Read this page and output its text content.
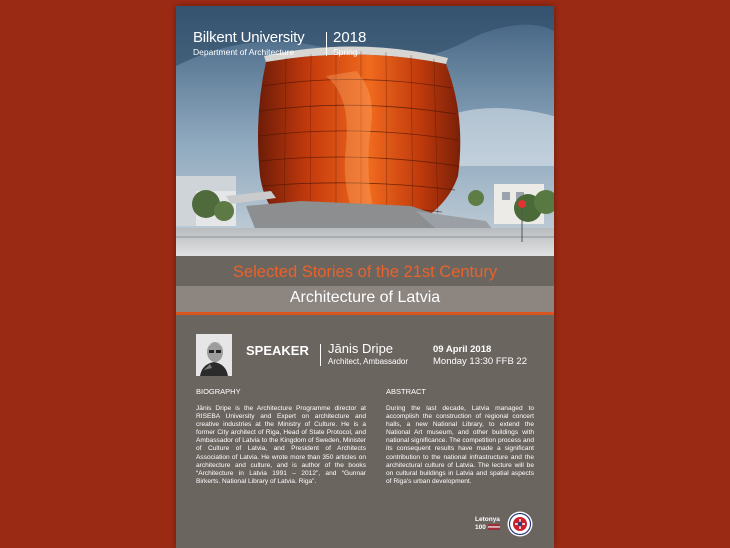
Bilkent University
Department of Architecture
2018
Spring
Selected Stories of the 21st Century
Architecture of Latvia
SPEAKER Jānis Dripe
Architect, Ambassador
09 April 2018
Monday 13:30 FFB 22
BIOGRAPHY

Jānis Dripe is the Architecture Programme director at RISEBA University and Expert on architecture and creative industries at the Ministry of Culture. He is a former City architect of Riga, Head of State Protocol, and Ambassador of Latvia to the Kingdom of Sweden, Minister of Culture of Latvia, and President of Architects Association of Latvia. He wrote more than 350 articles on architecture and culture, and is author of the books “Architecture in Latvia 1991 – 2012”, and “Gunnar Birkerts. National Library of Latvia. Riga”.

ABSTRACT

During the last decade, Latvia managed to accomplish the construction of regional concert halls, a new National Library, to extend the National Art museum, and other buildings with national significance. The competition process and its consequent results have made a significant contribution to the national infrastructure and the architectural culture of Latvia. The lecture will be on cultural buildings in Latvia and spatial aspects of Riga's urban development.

Letonya
100
